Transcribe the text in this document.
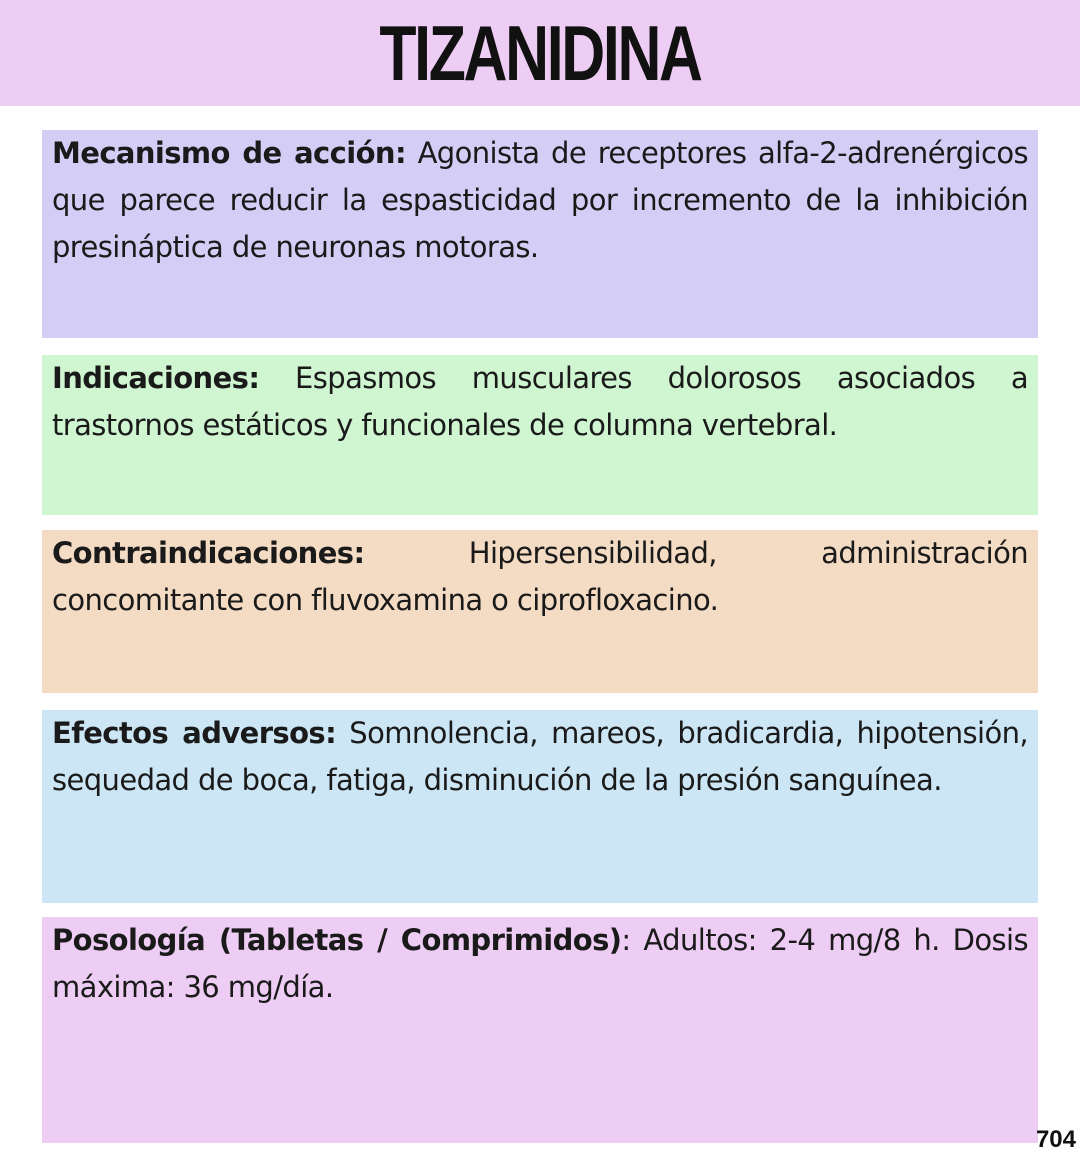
TIZANIDINA

Mecanismo de acción: Agonista de receptores alfa-2-adrenérgicos que parece reducir la espasticidad por incremento de la inhibición presináptica de neuronas motoras.

Indicaciones: Espasmos musculares dolorosos asociados a trastornos estáticos y funcionales de columna vertebral.

Contraindicaciones: Hipersensibilidad, administración concomitante con fluvoxamina o ciprofloxacino.

Efectos adversos: Somnolencia, mareos, bradicardia, hipotensión, sequedad de boca, fatiga, disminución de la presión sanguínea.

Posología (Tabletas / Comprimidos): Adultos: 2-4 mg/8 h. Dosis máxima: 36 mg/día.

704
